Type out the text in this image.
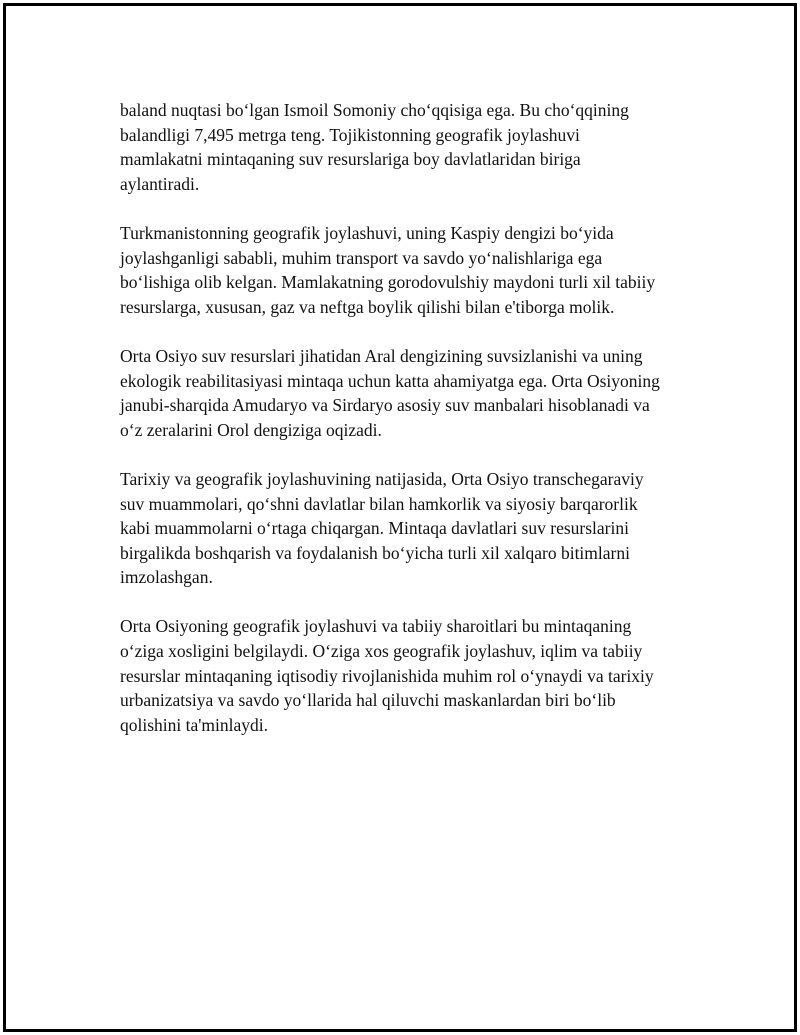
baland nuqtasi bo‘lgan Ismoil Somoniy cho‘qqisiga ega. Bu cho‘qqining
balandligi 7,495 metrga teng. Tojikistonning geografik joylashuvi
mamlakatni mintaqaning suv resurslariga boy davlatlaridan biriga
aylantiradi.

Turkmanistonning geografik joylashuvi, uning Kaspiy dengizi bo‘yida
joylashganligi sababli, muhim transport va savdo yo‘nalishlariga ega
bo‘lishiga olib kelgan. Mamlakatning gorodovulshiy maydoni turli xil tabiiy
resurslarga, xususan, gaz va neftga boylik qilishi bilan e'tiborga molik.

Orta Osiyo suv resurslari jihatidan Aral dengizining suvsizlanishi va uning
ekologik reabilitasiyasi mintaqa uchun katta ahamiyatga ega. Orta Osiyoning
janubi-sharqida Amudaryo va Sirdaryo asosiy suv manbalari hisoblanadi va
o‘z zeralarini Orol dengiziga oqizadi.

Tarixiy va geografik joylashuvining natijasida, Orta Osiyo transchegaraviy
suv muammolari, qo‘shni davlatlar bilan hamkorlik va siyosiy barqarorlik
kabi muammolarni o‘rtaga chiqargan. Mintaqa davlatlari suv resurslarini
birgalikda boshqarish va foydalanish bo‘yicha turli xil xalqaro bitimlarni
imzolashgan.

Orta Osiyoning geografik joylashuvi va tabiiy sharoitlari bu mintaqaning
o‘ziga xosligini belgilaydi. O‘ziga xos geografik joylashuv, iqlim va tabiiy
resurslar mintaqaning iqtisodiy rivojlanishida muhim rol o‘ynaydi va tarixiy
urbanizatsiya va savdo yo‘llarida hal qiluvchi maskanlardan biri bo‘lib
qolishini ta'minlaydi.
